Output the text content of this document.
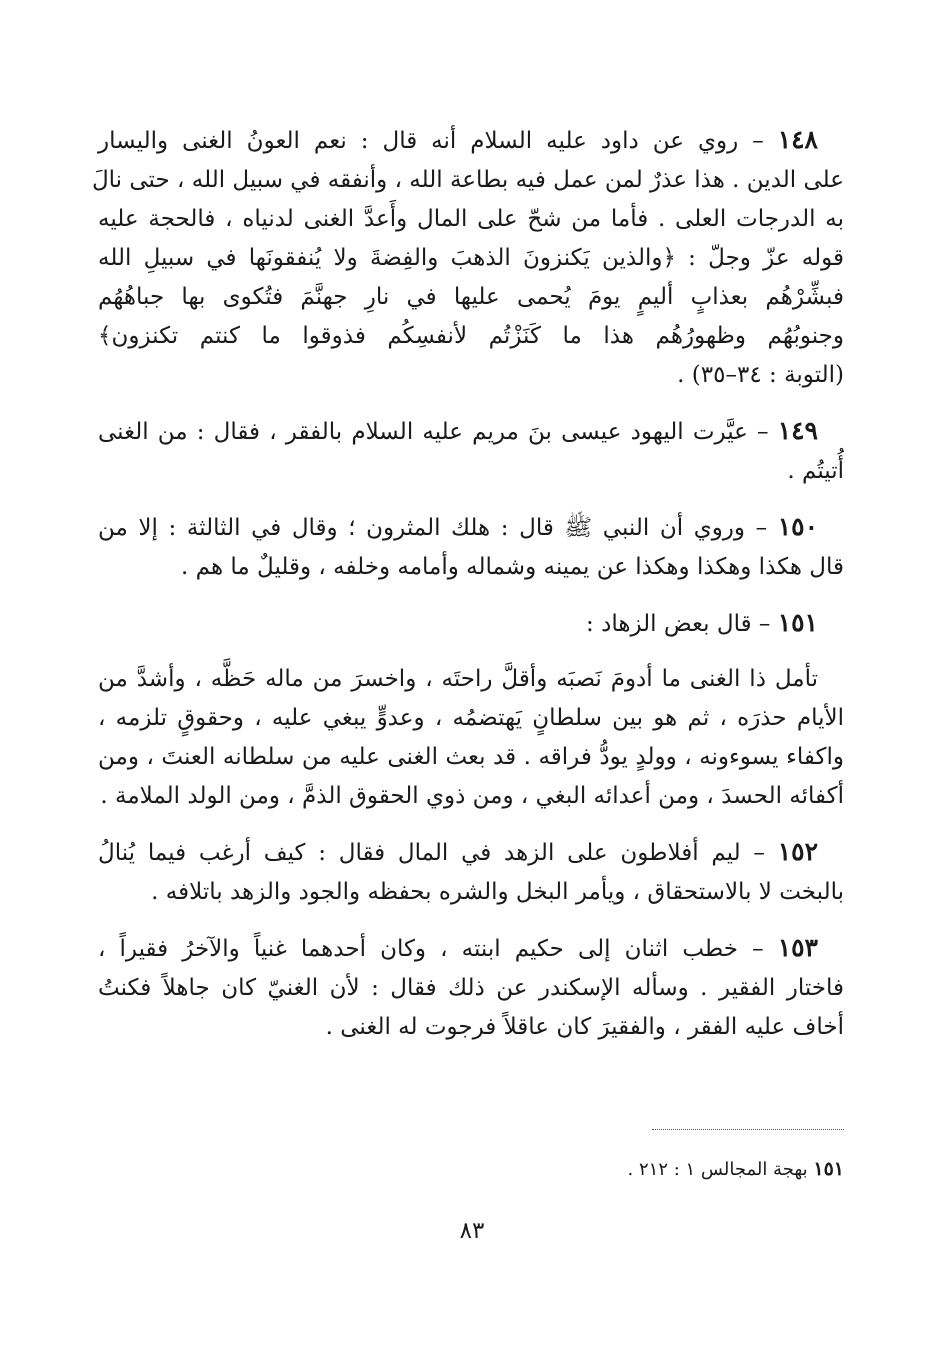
١٤٨ – روي عن داود عليه السلام أنه قال : نعم العونُ الغنى واليسار
على الدين . هذا عذرٌ لمن عمل فيه بطاعة الله ، وأنفقه في سبيل الله ، حتى نالَ
به الدرجات العلى . فأما من شحّ على المال وأَعدَّ الغنى لدنياه ، فالحجة عليه
قوله عزّ وجلّ : ﴿والذين يَكنزونَ الذهبَ والفِضةَ ولا يُنفقونَها في سبيلِ الله
فبشِّرْهُم بعذابٍ أليمٍ يومَ يُحمى عليها في نارِ جهنَّمَ فتُكوى بها جباهُهُم
وجنوبُهُم وظهورُهُم هذا ما كَنَزْتُم لأنفسِكُم فذوقوا ما كنتم تكنزون﴾
(التوبة : ٣٤–٣٥) .
١٤٩ – عيَّرت اليهود عيسى بنَ مريم عليه السلام بالفقر ، فقال : من الغنى
أُتيتُم .
١٥٠ – وروي أن النبي ﷺ قال : هلك المثرون ؛ وقال في الثالثة : إلا من
قال هكذا وهكذا وهكذا عن يمينه وشماله وأمامه وخلفه ، وقليلٌ ما هم .
١٥١ – قال بعض الزهاد :
تأمل ذا الغنى ما أدومَ نَصبَه وأقلَّ راحتَه ، واخسرَ من ماله حَظَّه ، وأشدَّ من
الأيام حذرَه ، ثم هو بين سلطانٍ يَهتضمُه ، وعدوٍّ يبغي عليه ، وحقوقٍ تلزمه ،
واكفاء يسوءونه ، وولدٍ يودُّ فراقه . قد بعث الغنى عليه من سلطانه العنتَ ، ومن
أكفائه الحسدَ ، ومن أعدائه البغي ، ومن ذوي الحقوق الذمَّ ، ومن الولد الملامة .
١٥٢ – ليم أفلاطون على الزهد في المال فقال : كيف أرغب فيما يُنالُ
بالبخت لا بالاستحقاق ، ويأمر البخل والشره بحفظه والجود والزهد باتلافه .
١٥٣ – خطب اثنان إلى حكيم ابنته ، وكان أحدهما غنياً والآخرُ فقيراً ،
فاختار الفقير . وسأله الإسكندر عن ذلك فقال : لأن الغنيّ كان جاهلاً فكنتُ
أخاف عليه الفقر ، والفقيرَ كان عاقلاً فرجوت له الغنى .
١٥١ بهجة المجالس ١ : ٢١٢ .
٨٣
